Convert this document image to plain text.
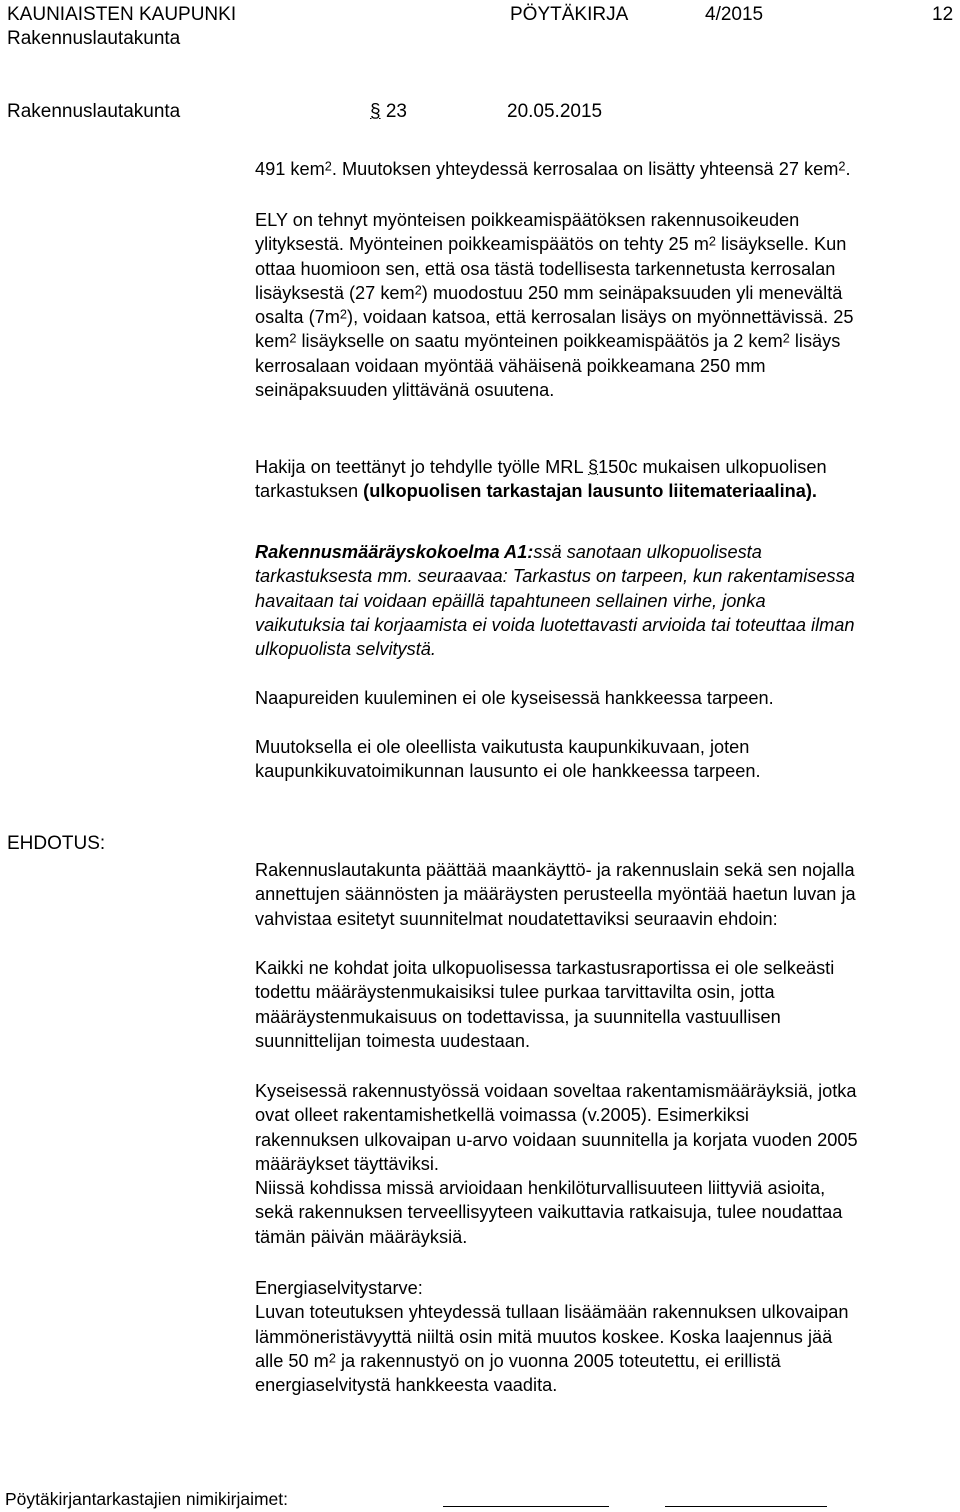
KAUNIAISTEN KAUPUNKI
Rakennuslautakunta
PÖYTÄKIRJA	4/2015	12
Rakennuslautakunta	§ 23	20.05.2015

491 kem$^2$. Muutoksen yhteydessä kerrosalaa on lisätty yhteensä 27 kem$^2$.

ELY on tehnyt myönteisen poikkeamispäätöksen rakennusoikeuden

ylityksestä. Myönteinen poikkeamispäätös on tehty 25 $m^2$ lisäykselle. Kun

ottaa huomioon sen, että osa tästä todellisesta tarkennetusta kerrosalan

lisäyksestä (27 kem$^2$) muodostuu 250 mm seinäpaksuuden yli menevältä

osalta $(7m^2)$, voidaan katsoa, että kerrosalan lisäys on myönnettävissä. 25

kem$^2$ lisäykselle on saatu myönteinen poikkeamispäätös ja 2 kem$^2$ lisäys

kerrosalaan voidaan myöntää vähäisenä poikkeamana 250 mm

seinäpaksuuden ylittävänä osuutena.

Hakija on teettänyt jo tehdylle työlle MRL §150c mukaisen ulkopuolisen

tarkastuksen (ulkopuolisen tarkastajan lausunto liitemateriaalina).

Rakennusmääräyskokoelma A1:ssä sanotaan ulkopuolisesta

tarkastuksesta mm. seuraavaa: Tarkastus on tarpeen, kun rakentamisessa

havaitaan tai voidaan epäillä tapahtuneen sellainen virhe, jonka

vaikutuksia tai korjaamista ei voida luotettavasti arvioida tai toteuttaa ilman

ulkopuolista selvitystä.

Naapureiden kuuleminen ei ole kyseisessä hankkeessa tarpeen.

Muutoksella ei ole oleellista vaikutusta kaupunkikuvaan, joten

kaupunkikuvatoimikunnan lausunto ei ole hankkeessa tarpeen.

EHDOTUS:

Rakennuslautakunta päättää maankäyttö- ja rakennuslain sekä sen nojalla

annettujen säännösten ja määräysten perusteella myöntää haetun luvan ja

vahvistaa esitetyt suunnitelmat noudatettaviksi seuraavin ehdoin:

Kaikki ne kohdat joita ulkopuolisessa tarkastusraportissa ei ole selkeästi

todettu määräystenmukaisiksi tulee purkaa tarvittavilta osin, jotta

määräystenmukaisuus on todettavissa, ja suunnitella vastuullisen

suunnittelijan toimesta uudestaan.

Kyseisessä rakennustyössä voidaan soveltaa rakentamismääräyksiä, jotka

ovat olleet rakentamishetkellä voimassa (v.2005). Esimerkiksi

rakennuksen ulkovaipan u-arvo voidaan suunnitella ja korjata vuoden 2005

määräykset täyttäviksi.

Niissä kohdissa missä arvioidaan henkilöturvallisuuteen liittyviä asioita,

sekä rakennuksen terveellisyyteen vaikuttavia ratkaisuja, tulee noudattaa

tämän päivän määräyksiä.

Energiaselvitystarve:

Luvan toteutuksen yhteydessä tullaan lisäämään rakennuksen ulkovaipan

lämmöneristävyyttä niiltä osin mitä muutos koskee. Koska laajennus jää

alle 50 $m^2$ ja rakennustyö on jo vuonna 2005 toteutettu, ei erillistä

energiaselvitystä hankkeesta vaadita.

Pöytäkirjantarkastajien nimikirjaimet:
